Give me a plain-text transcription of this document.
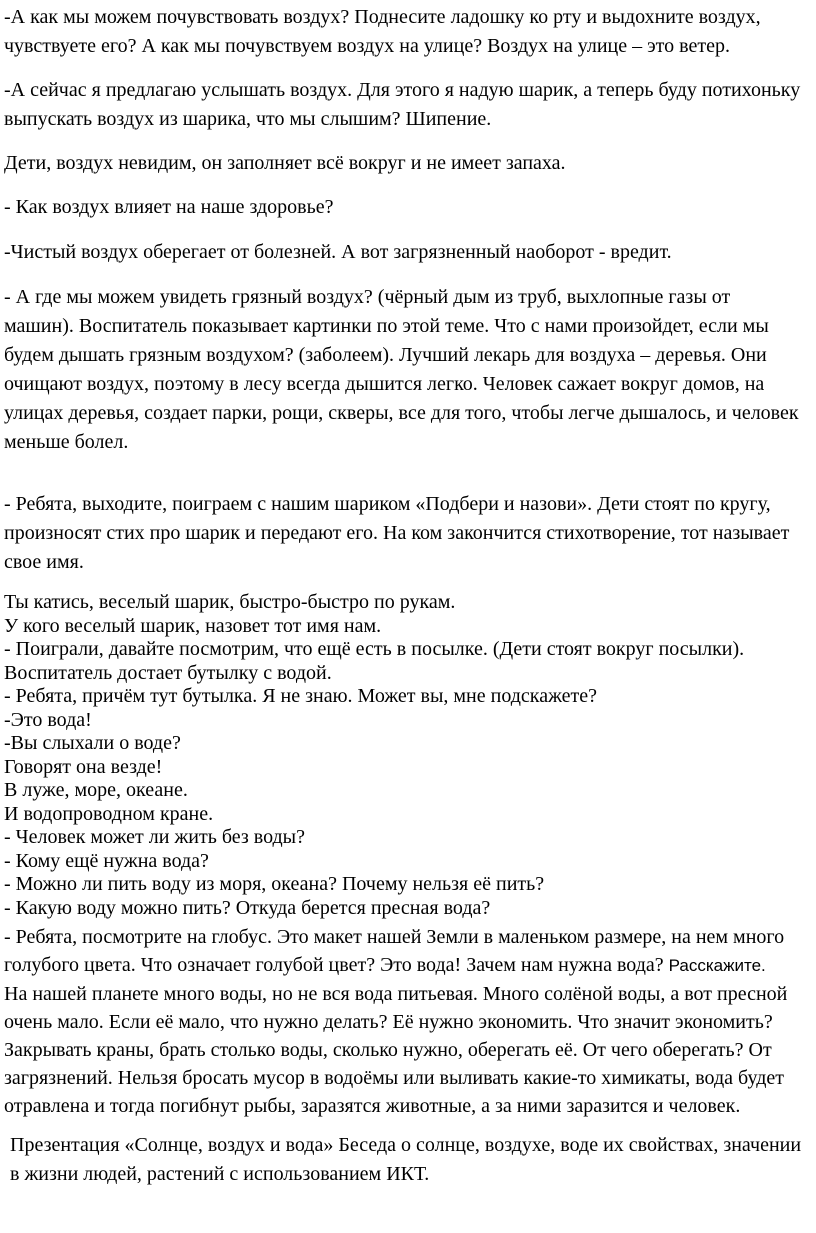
-А как мы можем почувствовать воздух? Поднесите ладошку ко рту и выдохните воздух, чувствуете его? А как мы почувствуем воздух на улице? Воздух на улице – это ветер.

-А сейчас я предлагаю услышать воздух. Для этого я надую шарик, а теперь буду потихоньку выпускать воздух из шарика, что мы слышим? Шипение.

Дети, воздух невидим, он заполняет всё вокруг и не имеет запаха.

- Как воздух влияет на наше здоровье?

-Чистый воздух оберегает от болезней. А вот загрязненный наоборот - вредит.

- А где мы можем увидеть грязный воздух? (чёрный дым из труб, выхлопные газы от машин). Воспитатель показывает картинки по этой теме. Что с нами произойдет, если мы будем дышать грязным воздухом? (заболеем). Лучший лекарь для воздуха – деревья. Они очищают воздух, поэтому в лесу всегда дышится легко. Человек сажает вокруг домов, на улицах деревья, создает парки, рощи, скверы, все для того, чтобы легче дышалось, и человек меньше болел.

- Ребята, выходите, поиграем с нашим шариком «Подбери и назови». Дети стоят по кругу, произносят стих про шарик и передают его. На ком закончится стихотворение, тот называет свое имя.

Ты катись, веселый шарик, быстро-быстро по рукам.

У кого веселый шарик, назовет тот имя нам.

- Поиграли, давайте посмотрим, что ещё есть в посылке. (Дети стоят вокруг посылки). Воспитатель достает бутылку с водой.

- Ребята, причём тут бутылка. Я не знаю. Может вы, мне подскажете?

-Это вода!

-Вы слыхали о воде?

Говорят она везде!

В луже, море, океане.

И водопроводном кране.

- Человек может ли жить без воды?

- Кому ещё нужна вода?

- Можно ли пить воду из моря, океана? Почему нельзя её пить?

- Какую воду можно пить? Откуда берется пресная вода?

- Ребята, посмотрите на глобус. Это макет нашей Земли в маленьком размере, на нем много голубого цвета. Что означает голубой цвет? Это вода! Зачем нам нужна вода? Расскажите.

На нашей планете много воды, но не вся вода питьевая. Много солёной воды, а вот пресной очень мало. Если её мало, что нужно делать? Её нужно экономить. Что значит экономить? Закрывать краны, брать столько воды, сколько нужно, оберегать её. От чего оберегать? От загрязнений. Нельзя бросать мусор в водоёмы или выливать какие-то химикаты, вода будет отравлена и тогда погибнут рыбы, заразятся животные, а за ними заразится и человек.

Презентация «Солнце, воздух и вода» Беседа о солнце, воздухе, воде их свойствах, значении в жизни людей, растений с использованием ИКТ.
